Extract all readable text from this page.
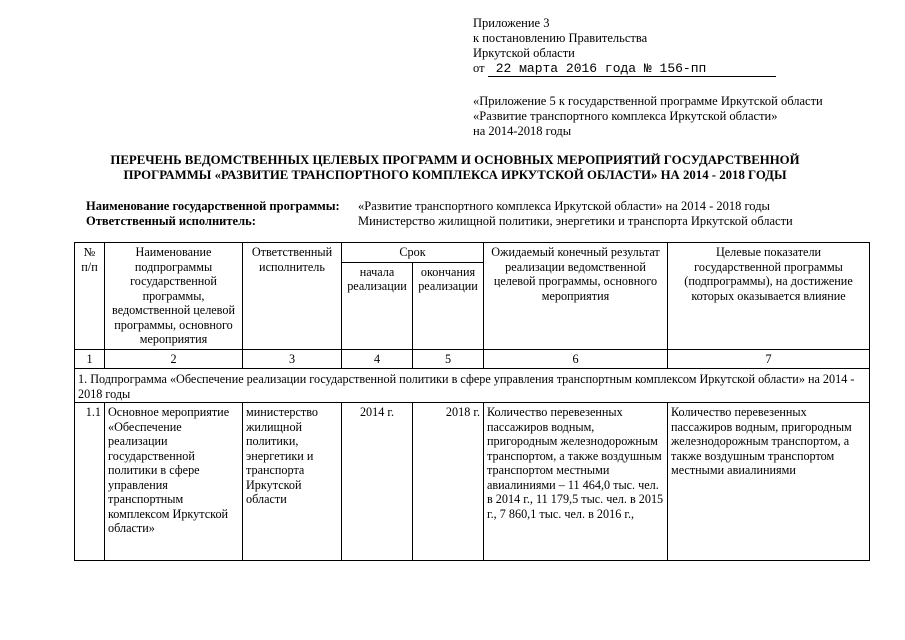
Приложение 3
к постановлению Правительства
Иркутской области
от 22 марта 2016 года № 156-пп
«Приложение 5 к государственной программе Иркутской области
«Развитие транспортного комплекса Иркутской области»
на 2014-2018 годы
ПЕРЕЧЕНЬ ВЕДОМСТВЕННЫХ ЦЕЛЕВЫХ ПРОГРАММ И ОСНОВНЫХ МЕРОПРИЯТИЙ ГОСУДАРСТВЕННОЙ
ПРОГРАММЫ «РАЗВИТИЕ ТРАНСПОРТНОГО КОМПЛЕКСА ИРКУТСКОЙ ОБЛАСТИ» НА 2014 - 2018 ГОДЫ
Наименование государственной программы:	«Развитие транспортного комплекса Иркутской области» на 2014 - 2018 годы
Ответственный исполнитель:	Министерство жилищной политики, энергетики и транспорта Иркутской области
№ п/п	Наименование подпрограммы государственной программы, ведомственной целевой программы, основного мероприятия	Ответственный исполнитель	Срок		Ожидаемый конечный результат реализации ведомственной целевой программы, основного мероприятия	Целевые показатели государственной программы (подпрограммы), на достижение которых оказывается влияние
			начала реализации	окончания реализации		
1	2	3	4	5	6	7
1. Подпрограмма «Обеспечение реализации государственной политики в сфере управления транспортным комплексом Иркутской области» на 2014 - 2018 годы						
1.1	Основное мероприятие «Обеспечение реализации государственной политики в сфере управления транспортным комплексом Иркутской области»	министерство жилищной политики, энергетики и транспорта Иркутской области	2014 г.	2018 г.	Количество перевезенных пассажиров водным, пригородным железнодорожным транспортом, а также воздушным транспортом местными авиалиниями – 11 464,0 тыс. чел. в 2014 г., 11 179,5 тыс. чел. в 2015 г., 7 860,1 тыс. чел. в 2016 г.,	Количество перевезенных пассажиров водным, пригородным железнодорожным транспортом, а также воздушным транспортом местными авиалиниями
